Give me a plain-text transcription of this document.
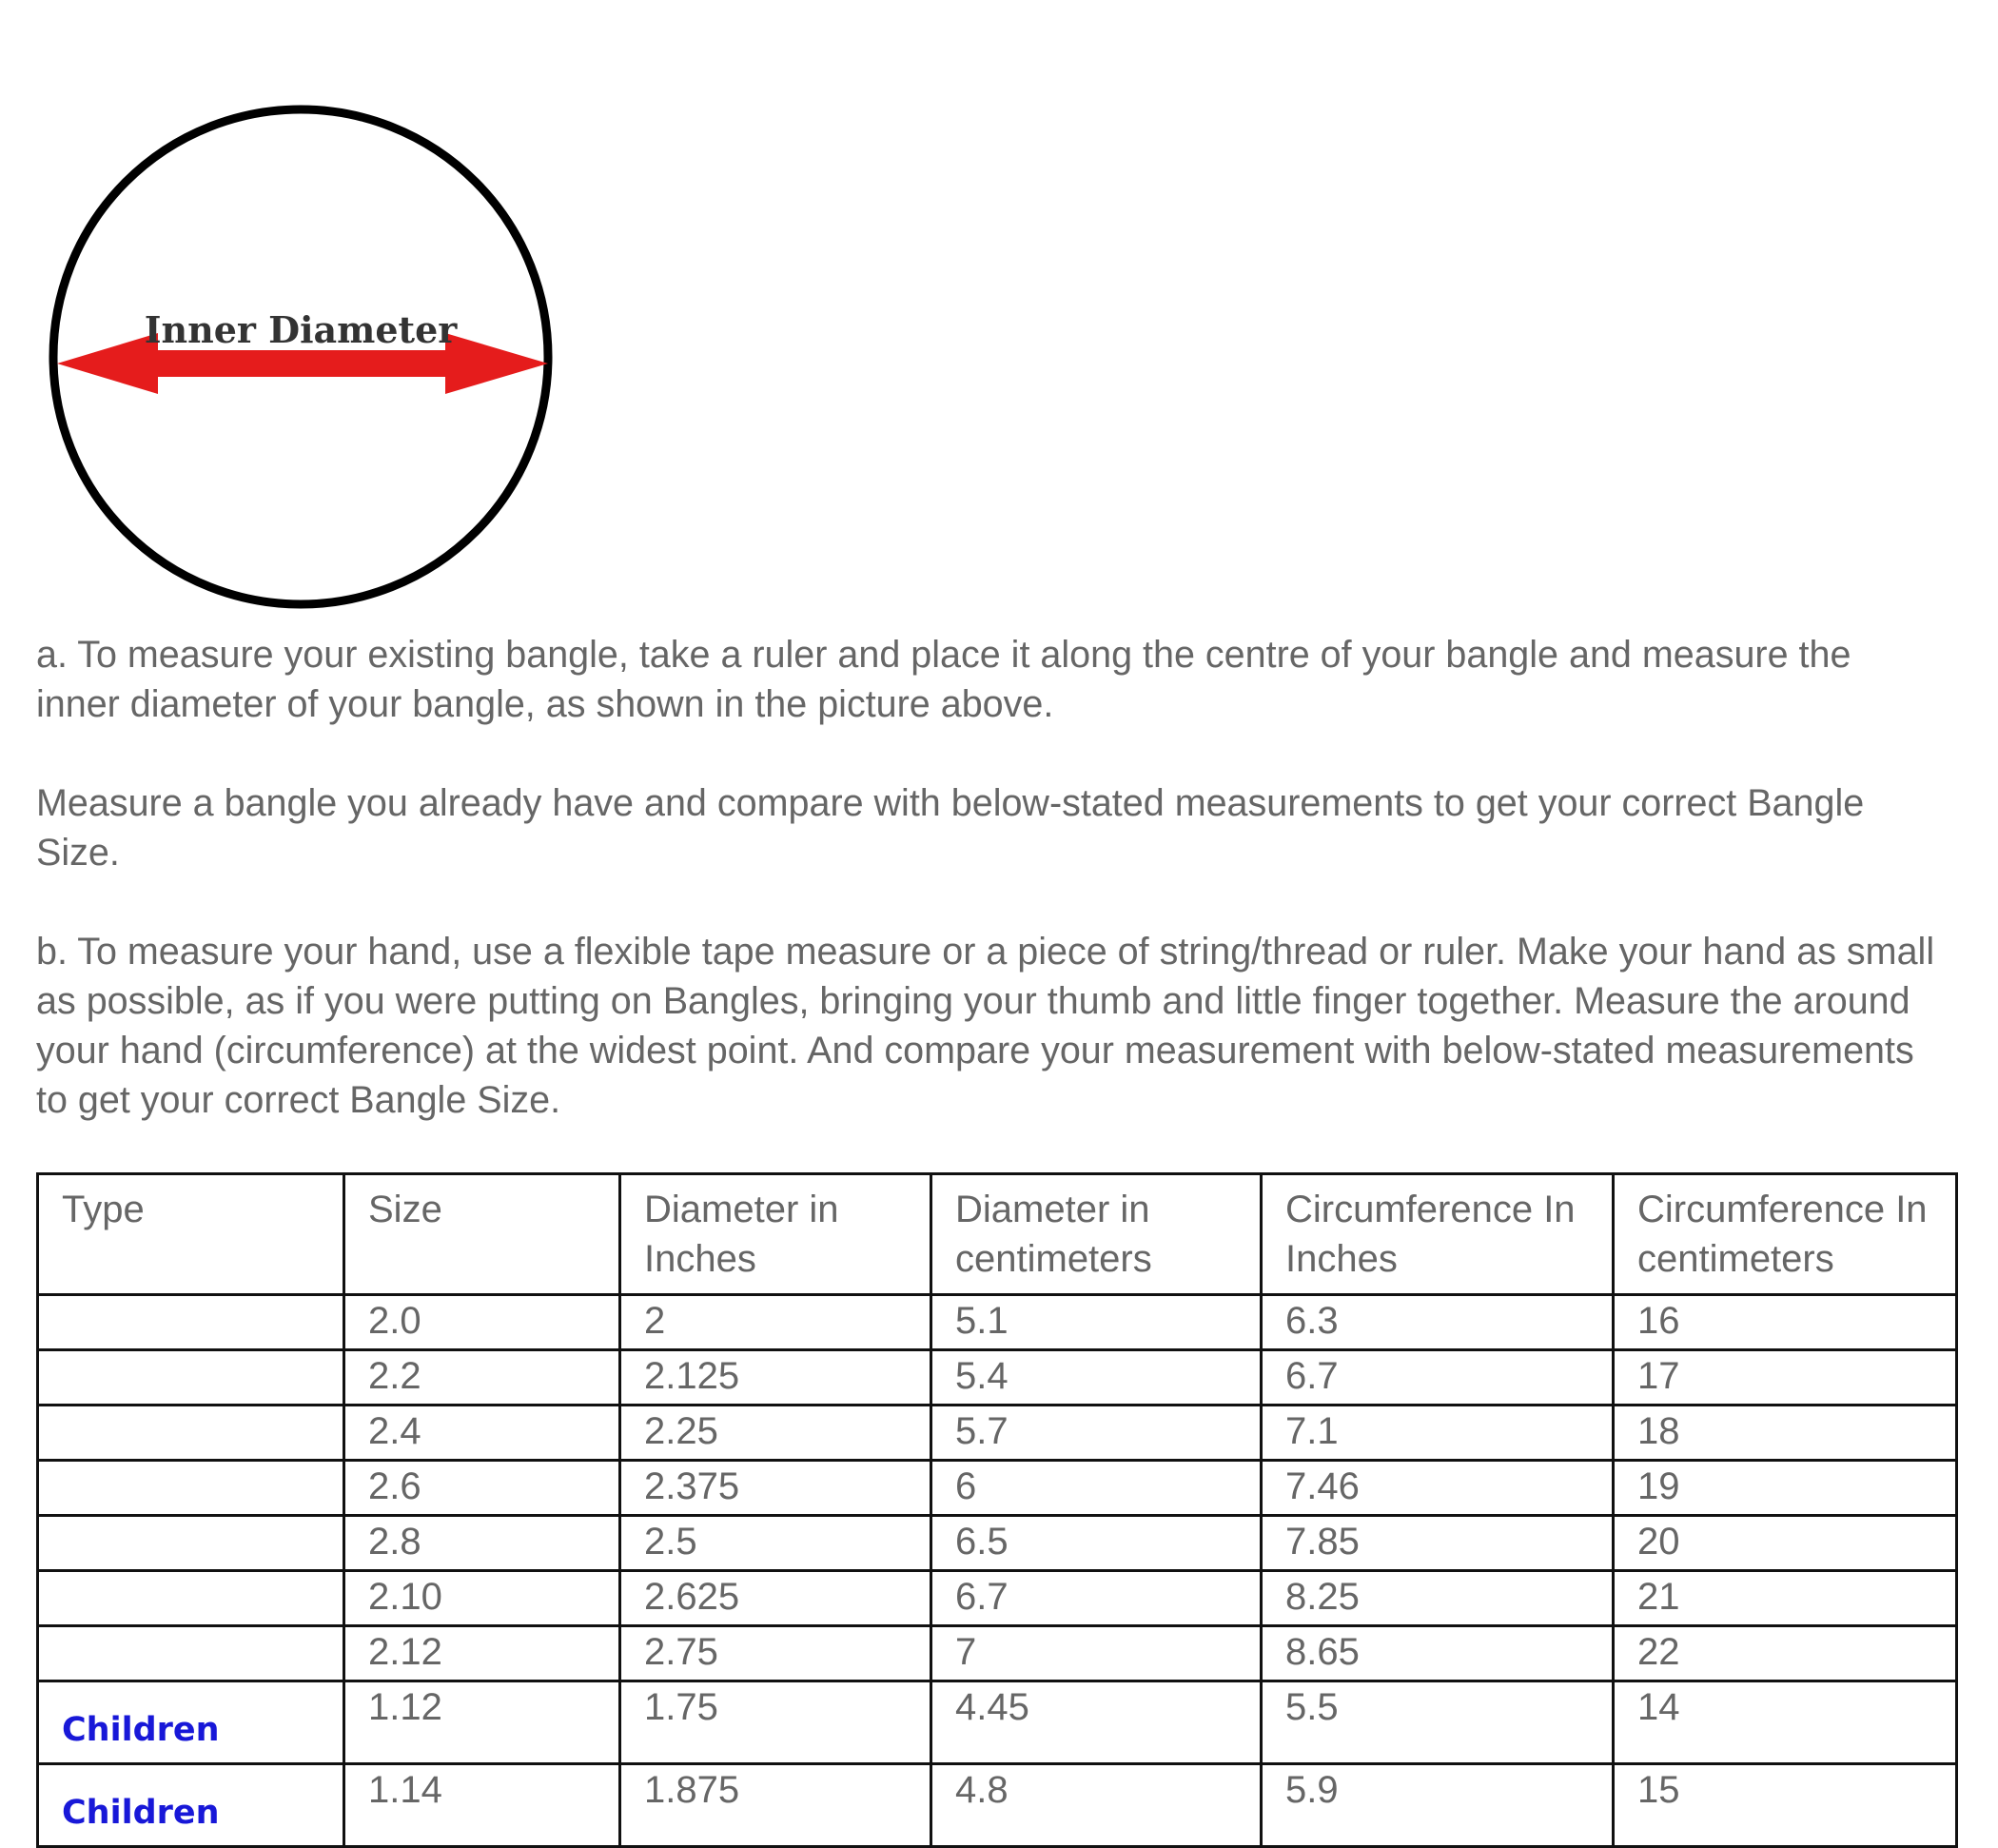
Inner Diameter
a. To measure your existing bangle, take a ruler and place it along the centre of your bangle and measure the inner diameter of your bangle, as shown in the picture above.
Measure a bangle you already have and compare with below-stated measurements to get your correct Bangle Size.
b. To measure your hand, use a flexible tape measure or a piece of string/thread or ruler. Make your hand as small as possible, as if you were putting on Bangles, bringing your thumb and little finger together. Measure the around your hand (circumference) at the widest point. And compare your measurement with below-stated measurements to get your correct Bangle Size.
Type	Size	Diameter in Inches	Diameter in centimeters	Circumference In Inches	Circumference In centimeters
	2.0	2	5.1	6.3	16
	2.2	2.125	5.4	6.7	17
	2.4	2.25	5.7	7.1	18
	2.6	2.375	6	7.46	19
	2.8	2.5	6.5	7.85	20
	2.10	2.625	6.7	8.25	21
	2.12	2.75	7	8.65	22

Children	1.12	1.75	4.45	5.5	14

Children	1.14	1.875	4.8	5.9	15
